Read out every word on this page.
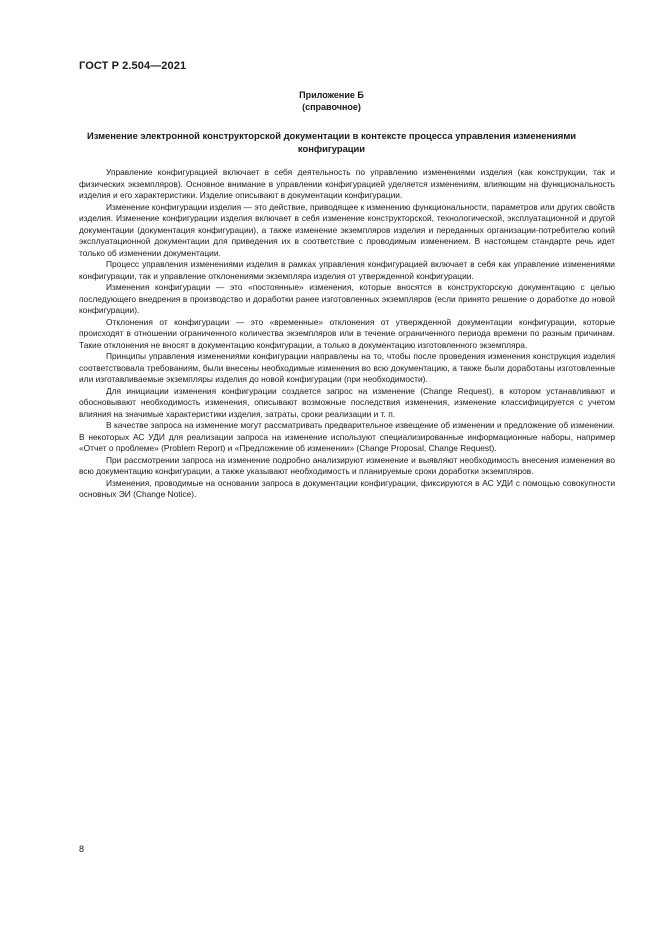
ГОСТ Р 2.504—2021
Приложение Б
(справочное)
Изменение электронной конструкторской документации в контексте процесса управления изменениями конфигурации

Управление конфигурацией включает в себя деятельность по управлению изменениями изделия (как конструкции, так и физических экземпляров). Основное внимание в управлении конфигурацией уделяется изменениям, влияющим на функциональность изделия и его характеристики. Изделие описывают в документации конфигурации.

Изменение конфигурации изделия — это действие, приводящее к изменению функциональности, параметров или других свойств изделия. Изменение конфигурации изделия включает в себя изменение конструкторской, технологической, эксплуатационной и другой документации (документация конфигурации), а также изменение экземпляров изделия и переданных организации-потребителю копий эксплуатационной документации для приведения их в соответствие с проводимым изменением. В настоящем стандарте речь идет только об изменении документации.

Процесс управления изменениями изделия в рамках управления конфигурацией включает в себя как управление изменениями конфигурации, так и управление отклонениями экземпляра изделия от утвержденной конфигурации.

Изменения конфигурации — это «постоянные» изменения, которые вносятся в конструкторскую документацию с целью последующего внедрения в производство и доработки ранее изготовленных экземпляров (если принято решение о доработке до новой конфигурации).

Отклонения от конфигурации — это «временные» отклонения от утвержденной документации конфигурации, которые происходят в отношении ограниченного количества экземпляров или в течение ограниченного периода времени по разным причинам. Такие отклонения не вносят в документацию конфигурации, а только в документацию изготовленного экземпляра.

Принципы управления изменениями конфигурации направлены на то, чтобы после проведения изменения конструкция изделия соответствовала требованиям, были внесены необходимые изменения во всю документацию, а также были доработаны изготовленные или изготавливаемые экземпляры изделия до новой конфигурации (при необходимости).

Для инициации изменения конфигурации создается запрос на изменение (Change Request), в котором устанавливают и обосновывают необходимость изменения, описывают возможные последствия изменения, изменение классифицируется с учетом влияния на значимые характеристики изделия, затраты, сроки реализации и т. п.

В качестве запроса на изменение могут рассматривать предварительное извещение об изменении и предложение об изменении. В некоторых АС УДИ для реализации запроса на изменение используют специализированные информационные наборы, например «Отчет о проблеме» (Problem Report) и «Предложение об изменении» (Change Proposal, Change Request).

При рассмотрении запроса на изменение подробно анализируют изменение и выявляют необходимость внесения изменения во всю документацию конфигурации, а также указывают необходимость и планируемые сроки доработки экземпляров.

Изменения, проводимые на основании запроса в документации конфигурации, фиксируются в АС УДИ с помощью совокупности основных ЭИ (Change Notice).

8
